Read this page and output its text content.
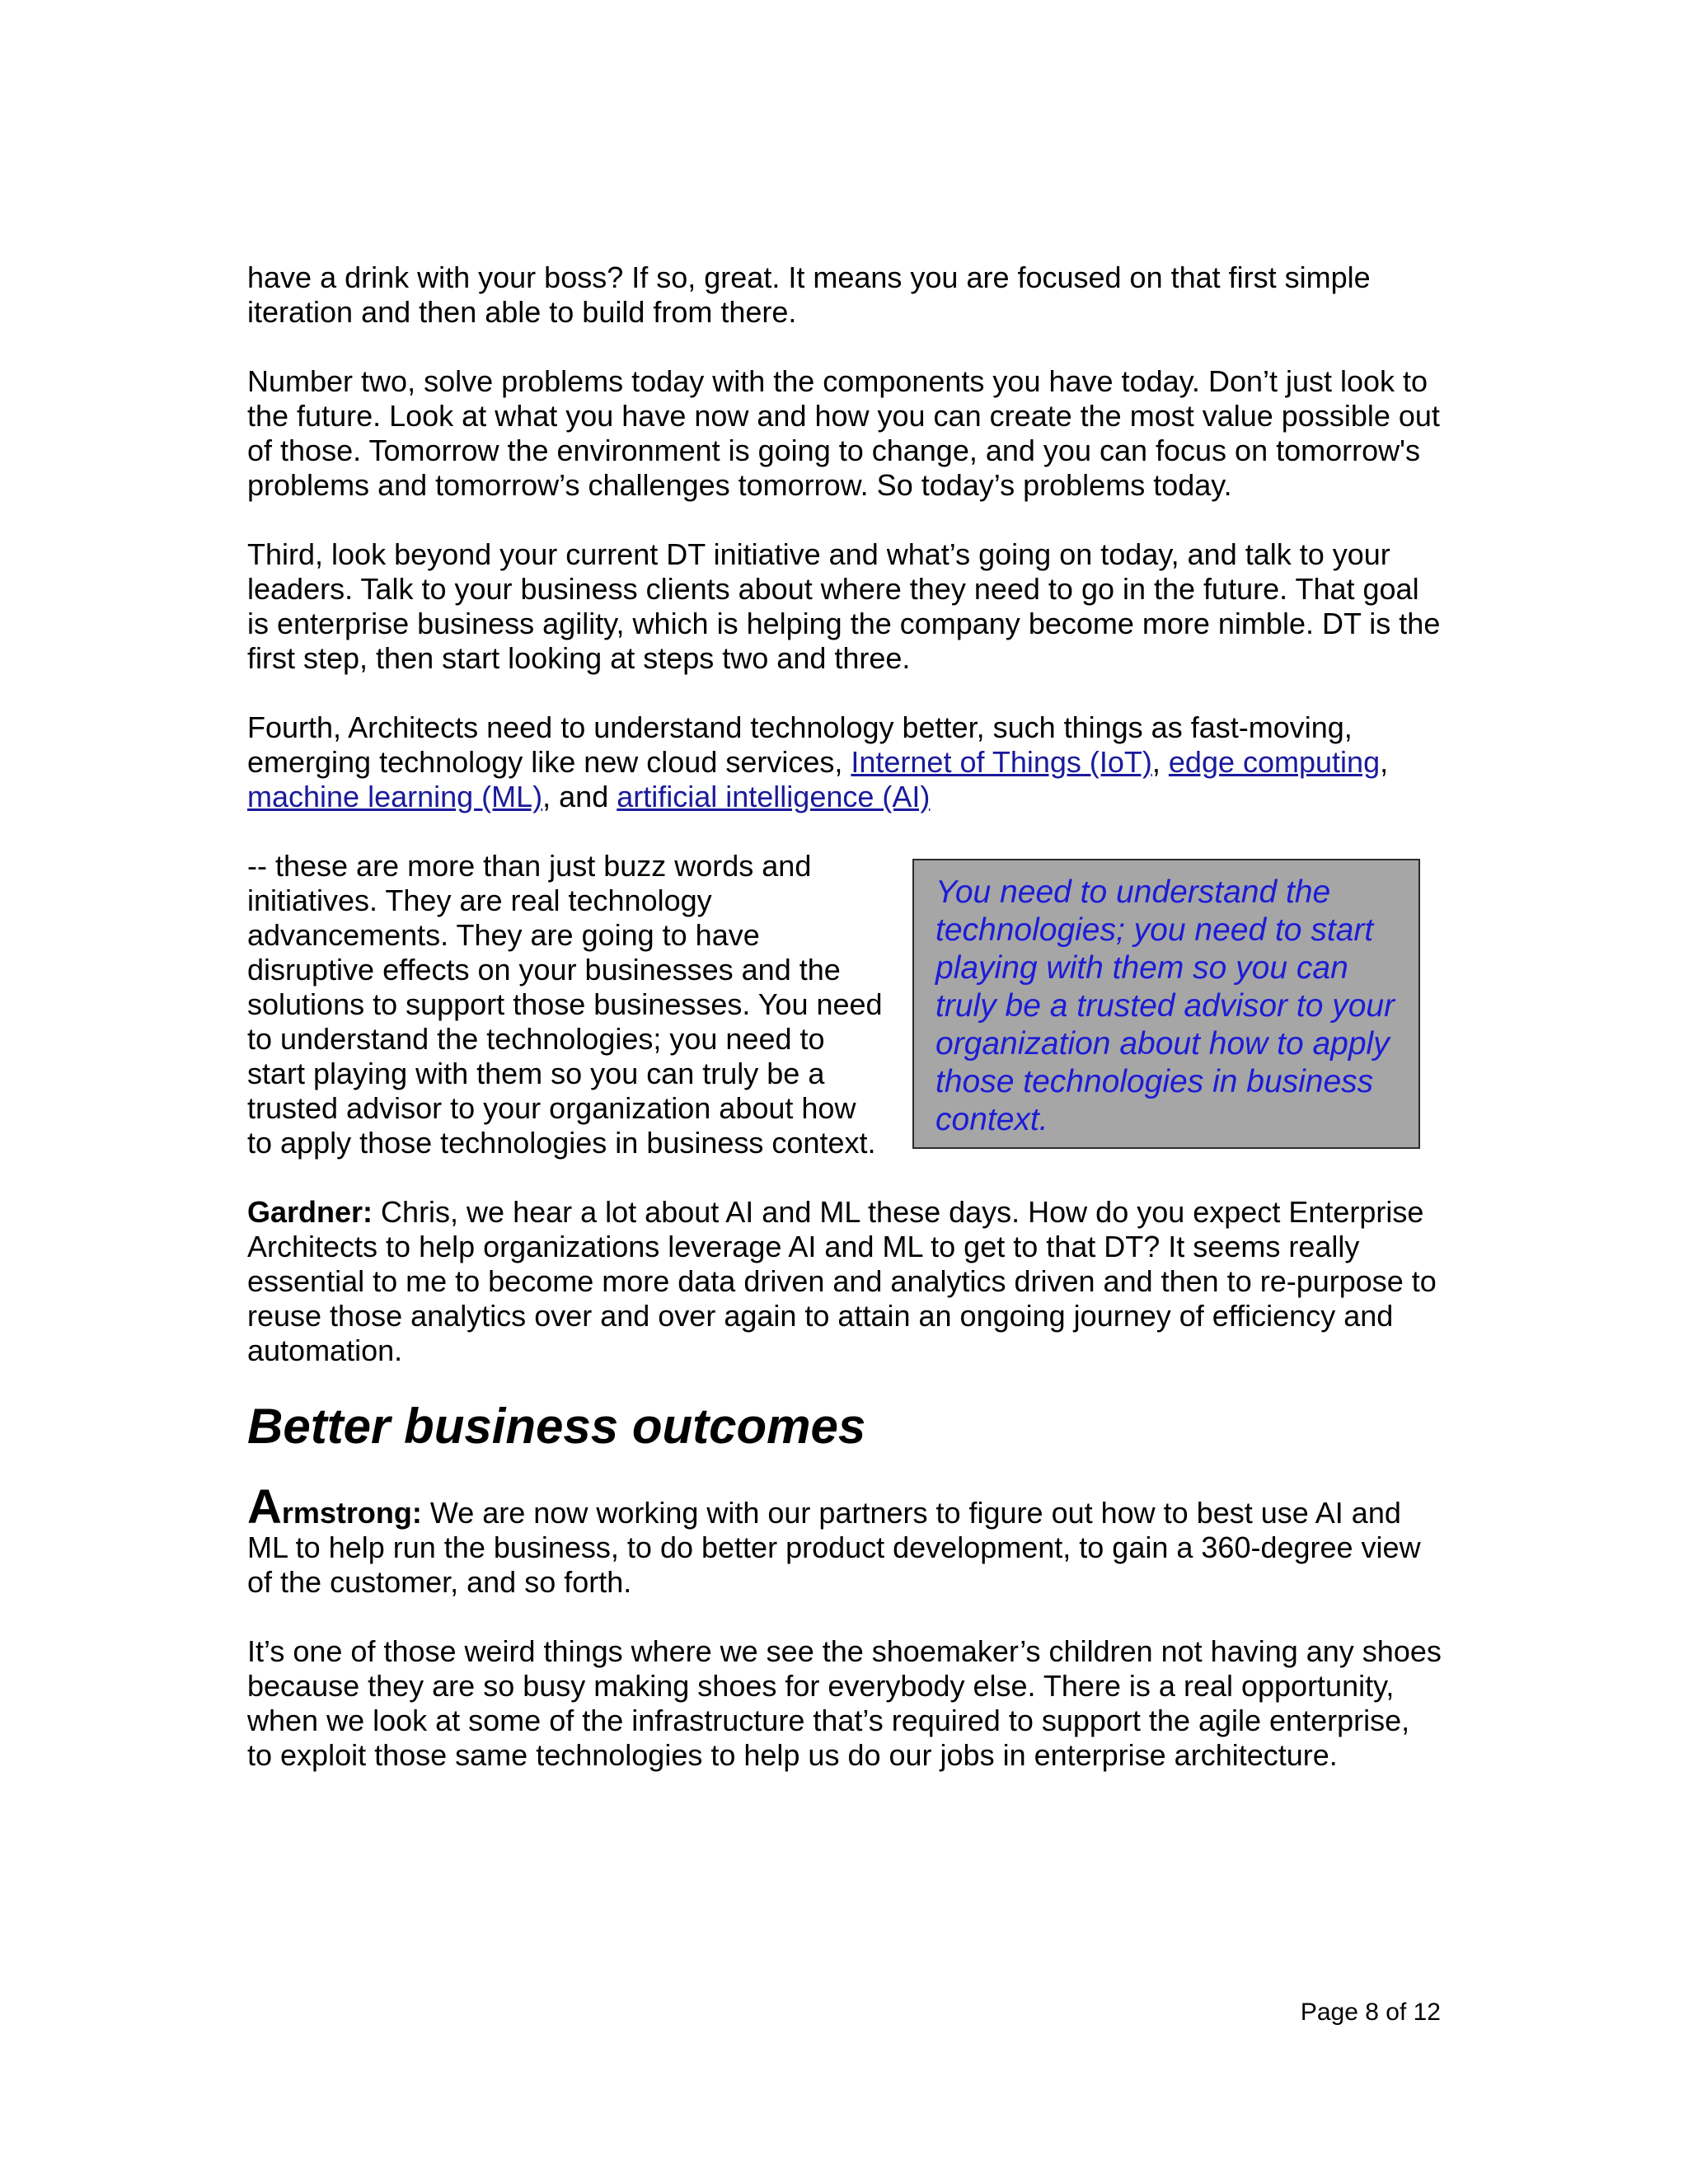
have a drink with your boss? If so, great. It means you are focused on that first simple iteration and then able to build from there.

Number two, solve problems today with the components you have today. Don’t just look to the future. Look at what you have now and how you can create the most value possible out of those. Tomorrow the environment is going to change, and you can focus on tomorrow's problems and tomorrow’s challenges tomorrow. So today’s problems today.

Third, look beyond your current DT initiative and what’s going on today, and talk to your leaders. Talk to your business clients about where they need to go in the future. That goal is enterprise business agility, which is helping the company become more nimble. DT is the first step, then start looking at steps two and three.

Fourth, Architects need to understand technology better, such things as fast-moving, emerging technology like new cloud services, Internet of Things (IoT), edge computing, machine learning (ML), and artificial intelligence (AI)

You need to understand the technologies; you need to start playing with them so you can truly be a trusted advisor to your organization about how to apply those technologies in business context.
-- these are more than just buzz words and initiatives. They are real technology advancements. They are going to have disruptive effects on your businesses and the solutions to support those businesses. You need to understand the technologies; you need to start playing with them so you can truly be a trusted advisor to your organization about how to apply those technologies in business context.

Gardner: Chris, we hear a lot about AI and ML these days. How do you expect Enterprise Architects to help organizations leverage AI and ML to get to that DT? It seems really essential to me to become more data driven and analytics driven and then to re-purpose to reuse those analytics over and over again to attain an ongoing journey of efficiency and automation.

Better business outcomes

Armstrong: We are now working with our partners to figure out how to best use AI and ML to help run the business, to do better product development, to gain a 360-degree view of the customer, and so forth.

It’s one of those weird things where we see the shoemaker’s children not having any shoes because they are so busy making shoes for everybody else. There is a real opportunity, when we look at some of the infrastructure that’s required to support the agile enterprise, to exploit those same technologies to help us do our jobs in enterprise architecture.

Page 8 of 12
